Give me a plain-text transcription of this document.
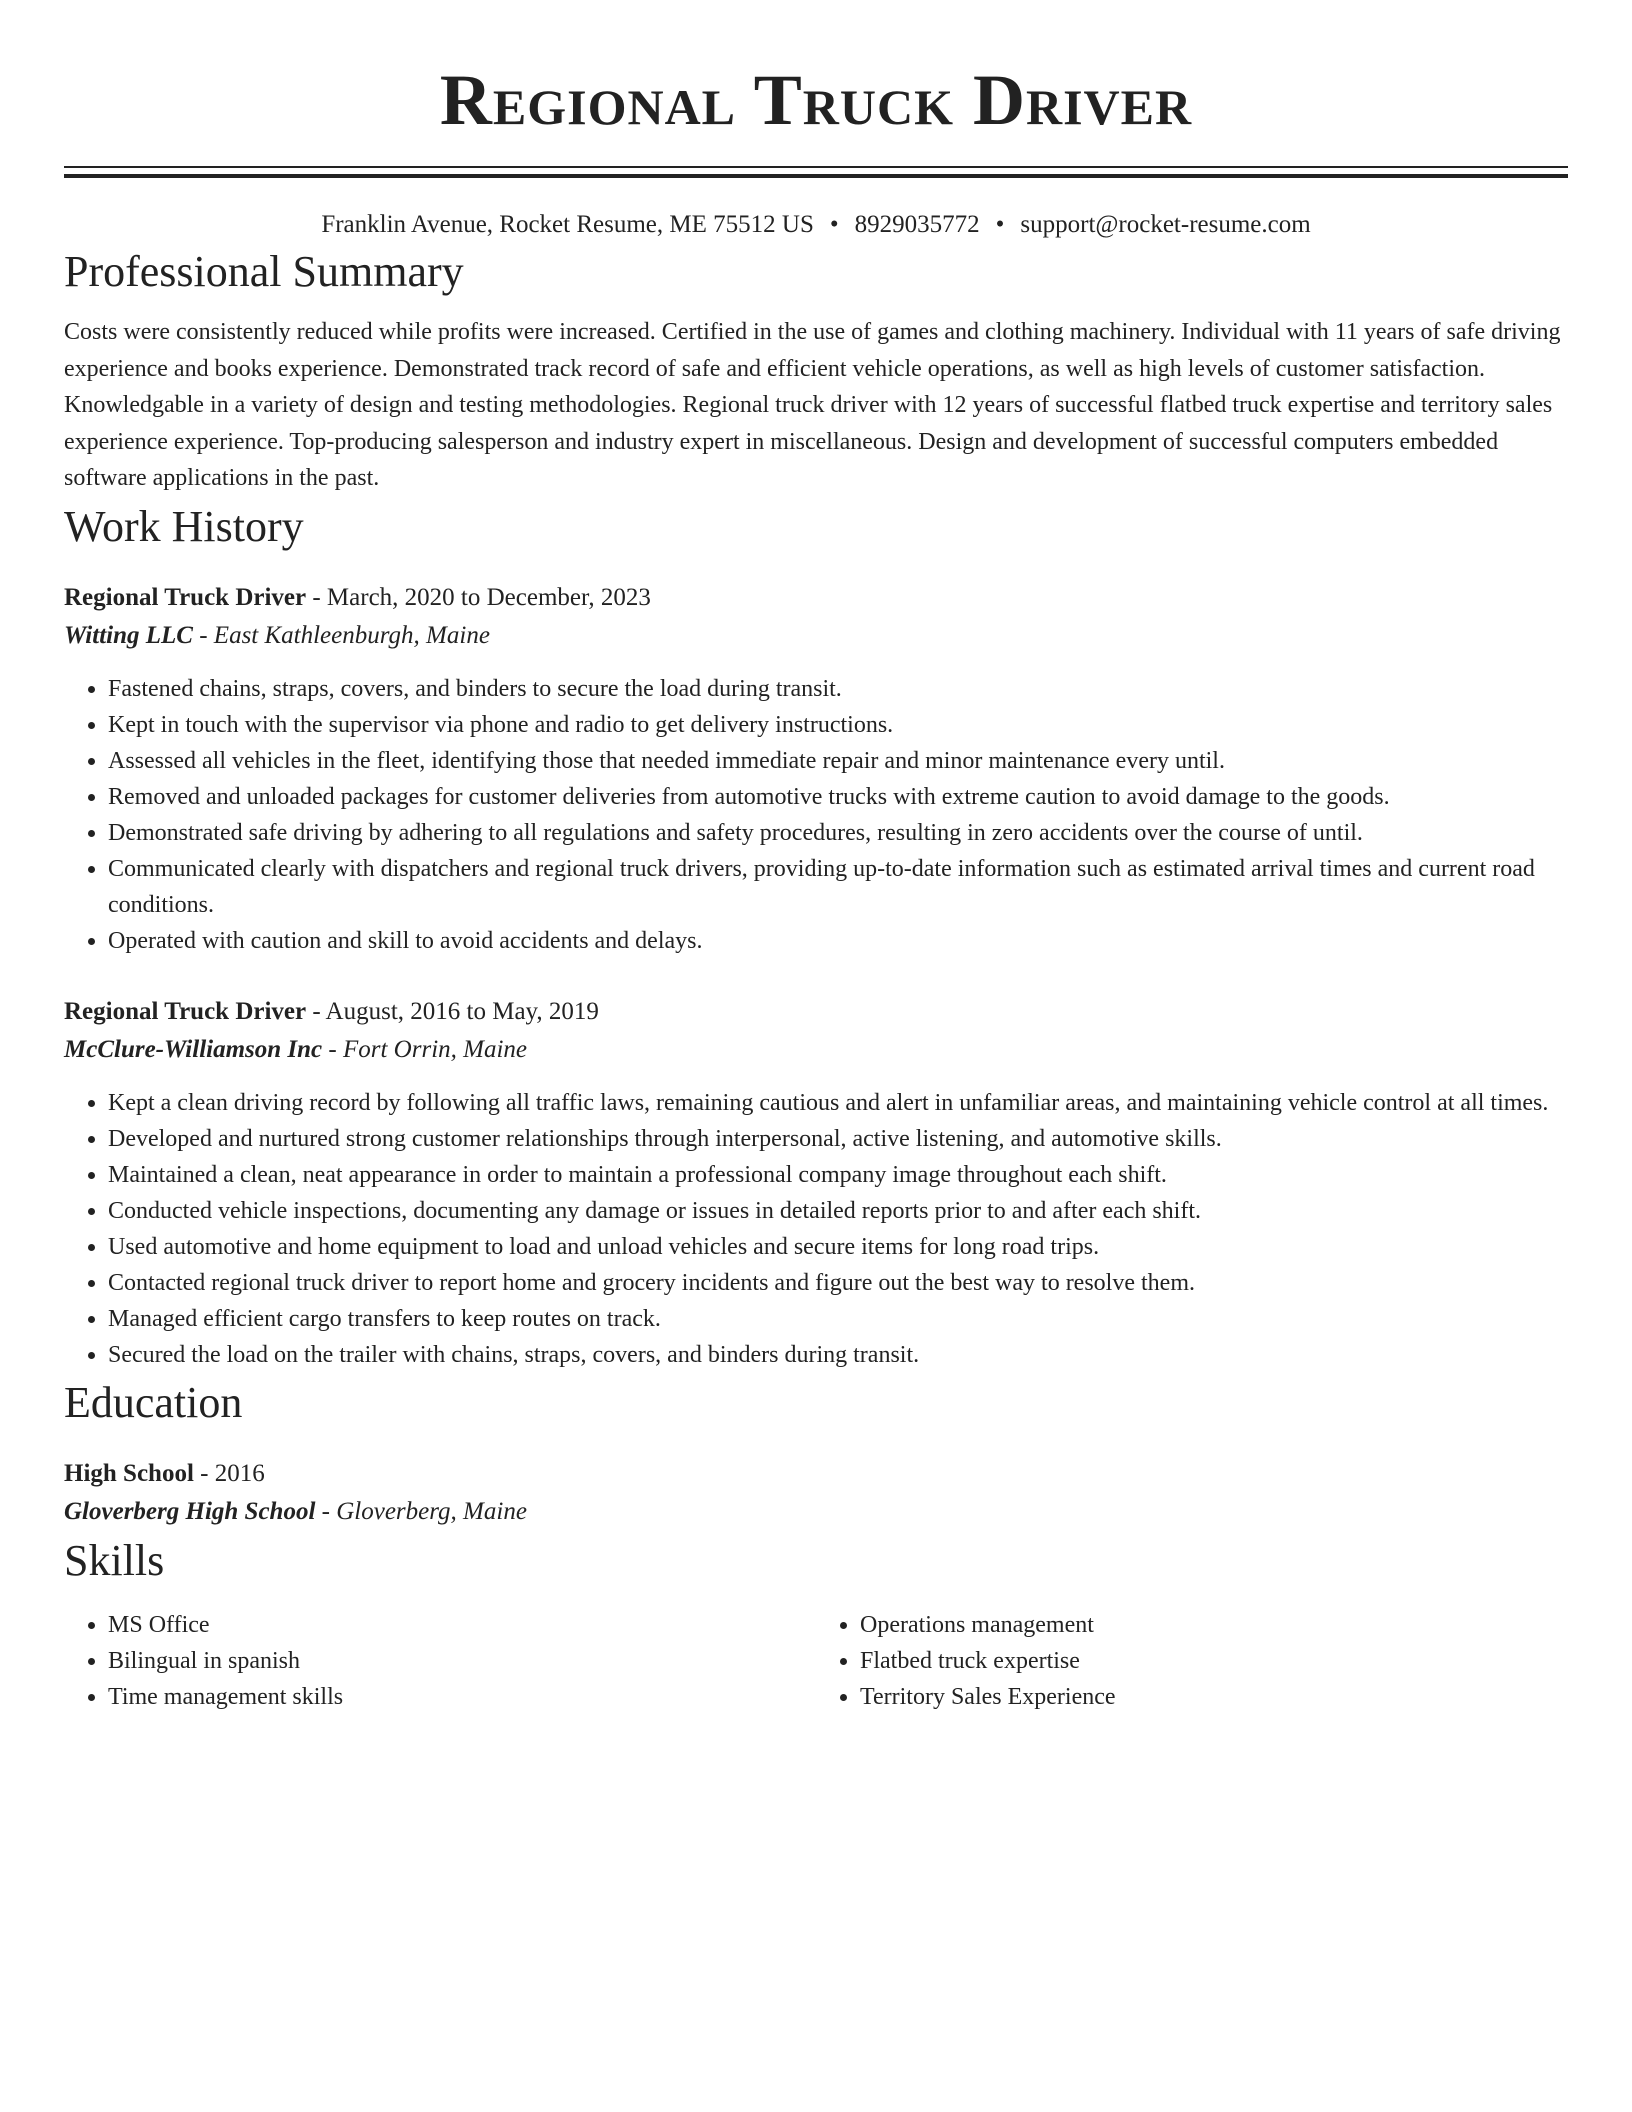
Regional Truck Driver
Franklin Avenue, Rocket Resume, ME 75512 US • 8929035772 • support@rocket-resume.com
Professional Summary

Costs were consistently reduced while profits were increased. Certified in the use of games and clothing machinery. Individual with 11 years of safe driving experience and books experience. Demonstrated track record of safe and efficient vehicle operations, as well as high levels of customer satisfaction. Knowledgable in a variety of design and testing methodologies. Regional truck driver with 12 years of successful flatbed truck expertise and territory sales experience experience. Top-producing salesperson and industry expert in miscellaneous. Design and development of successful computers embedded software applications in the past.

Work History
Regional Truck Driver - March, 2020 to December, 2023
Witting LLC - East Kathleenburgh, Maine
• Fastened chains, straps, covers, and binders to secure the load during transit.
• Kept in touch with the supervisor via phone and radio to get delivery instructions.
• Assessed all vehicles in the fleet, identifying those that needed immediate repair and minor maintenance every until.
• Removed and unloaded packages for customer deliveries from automotive trucks with extreme caution to avoid damage to the goods.
• Demonstrated safe driving by adhering to all regulations and safety procedures, resulting in zero accidents over the course of until.
• Communicated clearly with dispatchers and regional truck drivers, providing up-to-date information such as estimated arrival times and current road conditions.
• Operated with caution and skill to avoid accidents and delays.
Regional Truck Driver - August, 2016 to May, 2019
McClure-Williamson Inc - Fort Orrin, Maine
• Kept a clean driving record by following all traffic laws, remaining cautious and alert in unfamiliar areas, and maintaining vehicle control at all times.
• Developed and nurtured strong customer relationships through interpersonal, active listening, and automotive skills.
• Maintained a clean, neat appearance in order to maintain a professional company image throughout each shift.
• Conducted vehicle inspections, documenting any damage or issues in detailed reports prior to and after each shift.
• Used automotive and home equipment to load and unload vehicles and secure items for long road trips.
• Contacted regional truck driver to report home and grocery incidents and figure out the best way to resolve them.
• Managed efficient cargo transfers to keep routes on track.
• Secured the load on the trailer with chains, straps, covers, and binders during transit.
Education
High School - 2016
Gloverberg High School - Gloverberg, Maine
Skills
• MS Office
• Bilingual in spanish
• Time management skills
• Operations management
• Flatbed truck expertise
• Territory Sales Experience
